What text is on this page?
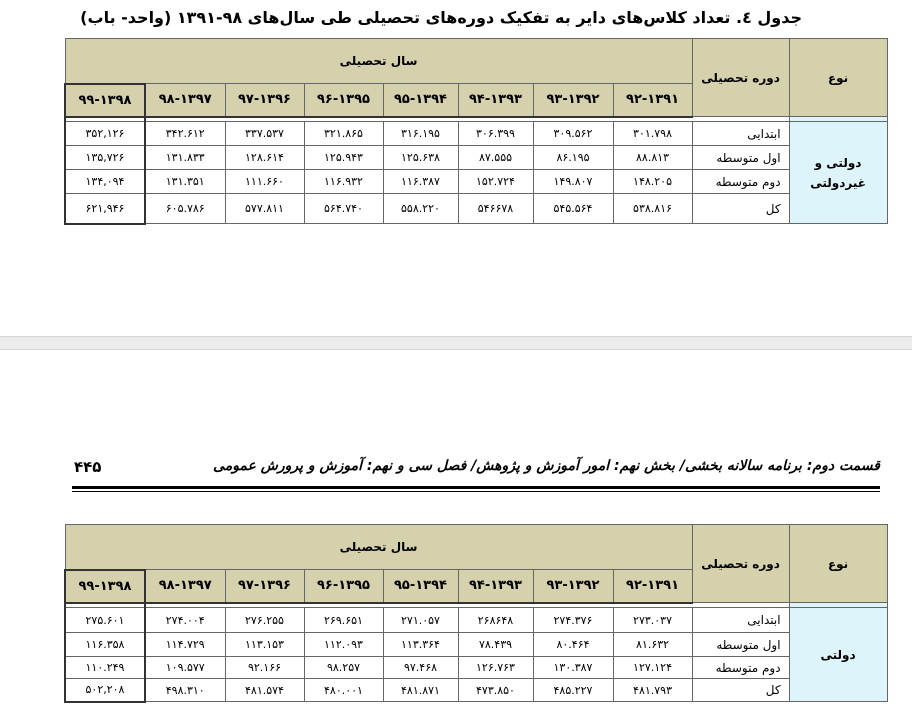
جدول ٤. تعداد کلاس‌های دایر به تفکیک دوره‌های تحصیلی طی سال‌های ۹۸-۱۳۹۱ (واحد- باب)
سال تحصیلی								دوره تحصیلی	نوع
۹۹-۱۳۹۸	۹۸-۱۳۹۷	۹۷-۱۳۹۶	۹۶-۱۳۹۵	۹۵-۱۳۹۴	۹۴-۱۳۹۳	۹۳-۱۳۹۲	۹۲-۱۳۹۱		

۳۵۲,۱۲۶	۳۴۲.۶۱۲	۳۳۷.۵۳۷	۳۲۱.۸۶۵	۳۱۶.۱۹۵	۳۰۶.۳۹۹	۳۰۹.۵۶۲	۳۰۱.۷۹۸	ابتدایی	دولتی و غیردولتی
۱۳۵,۷۲۶	۱۳۱.۸۳۳	۱۲۸.۶۱۴	۱۲۵.۹۴۳	۱۲۵.۶۳۸	۸۷.۵۵۵	۸۶.۱۹۵	۸۸.۸۱۳	اول متوسطه	
۱۳۴,۰۹۴	۱۳۱.۳۵۱	۱۱۱.۶۶۰	۱۱۶.۹۳۲	۱۱۶.۳۸۷	۱۵۲.۷۲۴	۱۴۹.۸۰۷	۱۴۸.۲۰۵	دوم متوسطه	
۶۲۱,۹۴۶	۶۰۵.۷۸۶	۵۷۷.۸۱۱	۵۶۴.۷۴۰	۵۵۸.۲۲۰	۵۴۶۶۷۸	۵۴۵.۵۶۴	۵۳۸.۸۱۶	کل	
۴۴۵	قسمت دوم: برنامه سالانه بخشی/ بخش نهم: امور آموزش و پژوهش/ فصل سی و نهم: آموزش و پرورش عمومی
سال تحصیلی								دوره تحصیلی	نوع
۹۹-۱۳۹۸	۹۸-۱۳۹۷	۹۷-۱۳۹۶	۹۶-۱۳۹۵	۹۵-۱۳۹۴	۹۴-۱۳۹۳	۹۳-۱۳۹۲	۹۲-۱۳۹۱		

۲۷۵.۶۰۱	۲۷۴.۰۰۴	۲۷۶.۲۵۵	۲۶۹.۶۵۱	۲۷۱.۰۵۷	۲۶۸۶۴۸	۲۷۴.۳۷۶	۲۷۳.۰۳۷	ابتدایی	دولتی
۱۱۶.۳۵۸	۱۱۴.۷۲۹	۱۱۳.۱۵۳	۱۱۲.۰۹۳	۱۱۳.۳۶۴	۷۸.۴۳۹	۸۰.۴۶۴	۸۱.۶۳۲	اول متوسطه	
۱۱۰.۲۴۹	۱۰۹.۵۷۷	۹۲.۱۶۶	۹۸.۲۵۷	۹۷.۴۶۸	۱۲۶.۷۶۳	۱۳۰.۳۸۷	۱۲۷.۱۲۴	دوم متوسطه	
۵۰۲,۲۰۸	۴۹۸.۳۱۰	۴۸۱.۵۷۴	۴۸۰.۰۰۱	۴۸۱.۸۷۱	۴۷۳.۸۵۰	۴۸۵.۲۲۷	۴۸۱.۷۹۳	کل	
